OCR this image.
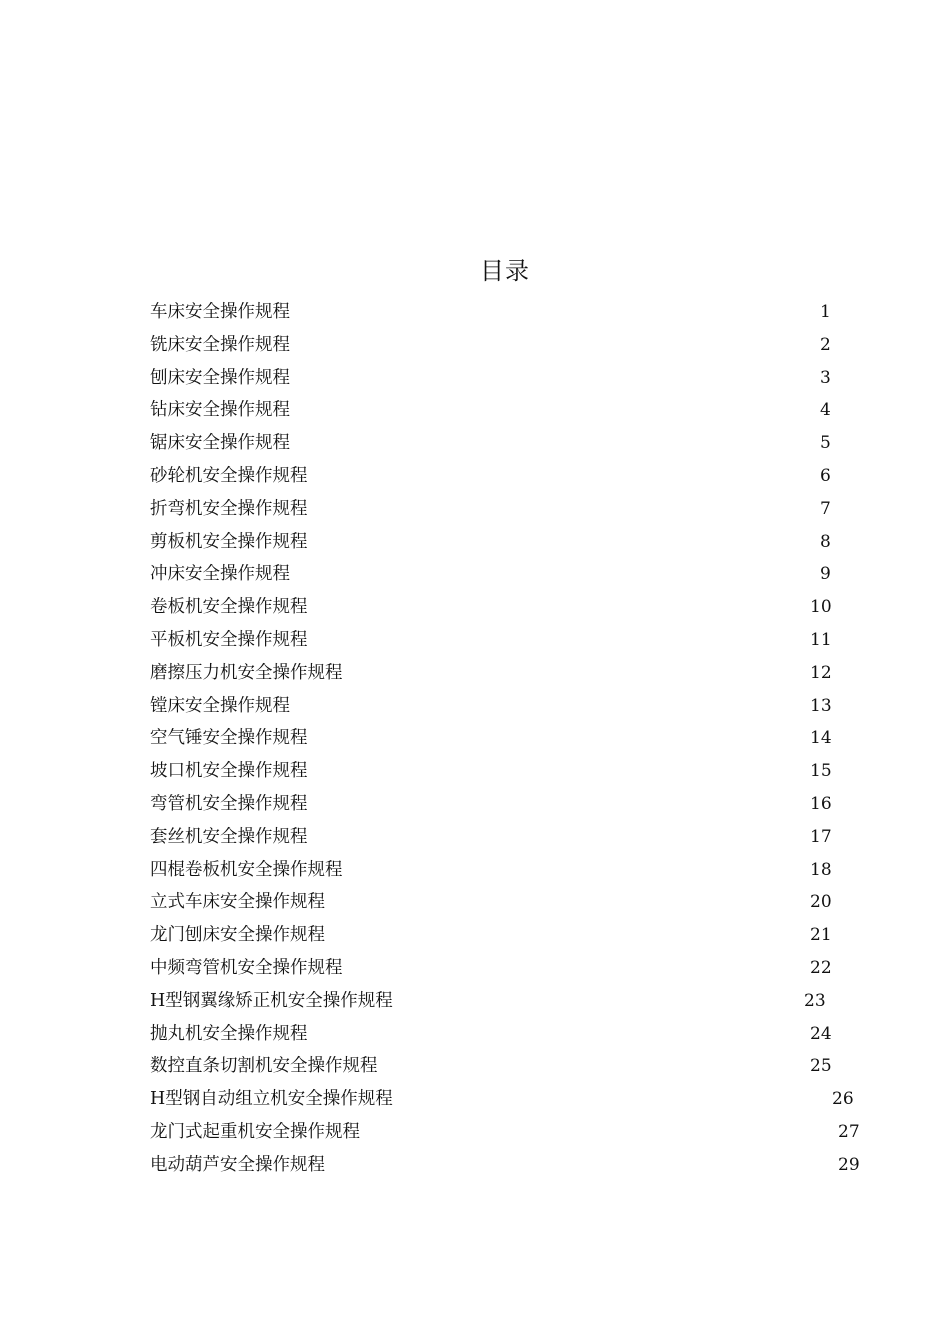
目录
车床安全操作规程	1
铣床安全操作规程	2
刨床安全操作规程	3
钻床安全操作规程	4
锯床安全操作规程	5
砂轮机安全操作规程	6
折弯机安全操作规程	7
剪板机安全操作规程	8
冲床安全操作规程	9
卷板机安全操作规程	10
平板机安全操作规程	11
磨擦压力机安全操作规程	12
镗床安全操作规程	13
空气锤安全操作规程	14
坡口机安全操作规程	15
弯管机安全操作规程	16
套丝机安全操作规程	17
四棍卷板机安全操作规程	18
立式车床安全操作规程	20
龙门刨床安全操作规程	21
中频弯管机安全操作规程	22
H型钢翼缘矫正机安全操作规程	23
抛丸机安全操作规程	24
数控直条切割机安全操作规程	25
H型钢自动组立机安全操作规程	26
龙门式起重机安全操作规程	27
电动葫芦安全操作规程	29
